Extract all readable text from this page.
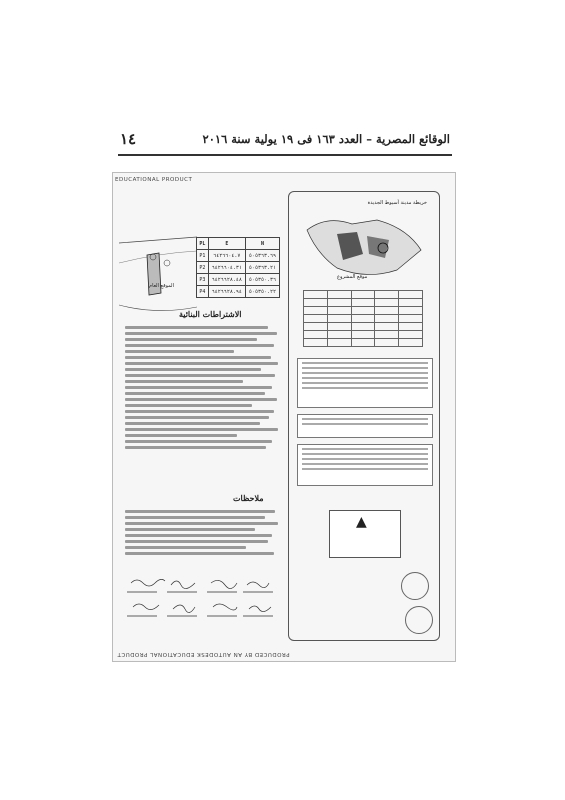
١٤	الوقائع المصرية – العدد ١٦٣ فى ١٩ يولية سنة ٢٠١٦
EDUCATIONAL PRODUCT
الموقع العام
PL	E	N
P1	٦٤٢٦٦٠٤.٧	٥٠٥٣٦٣.٦٩
P2	٦٤٢٦٦٠٤.٣١	٥٠٥٣٦٣.٢١
P3	٦٤٢٦٦٢٨.٤٨	٥٠٥٣٥٠.٣٦
P4	٦٤٢٦٦٢٨.٩٤	٥٠٥٣٥٠.٢٢
الاشتراطات البنائية
ملاحظات
خريطة مدينة أسيوط الجديدة
موقع المشروع

▲
PRODUCED BY AN AUTODESK EDUCATIONAL PRODUCT
